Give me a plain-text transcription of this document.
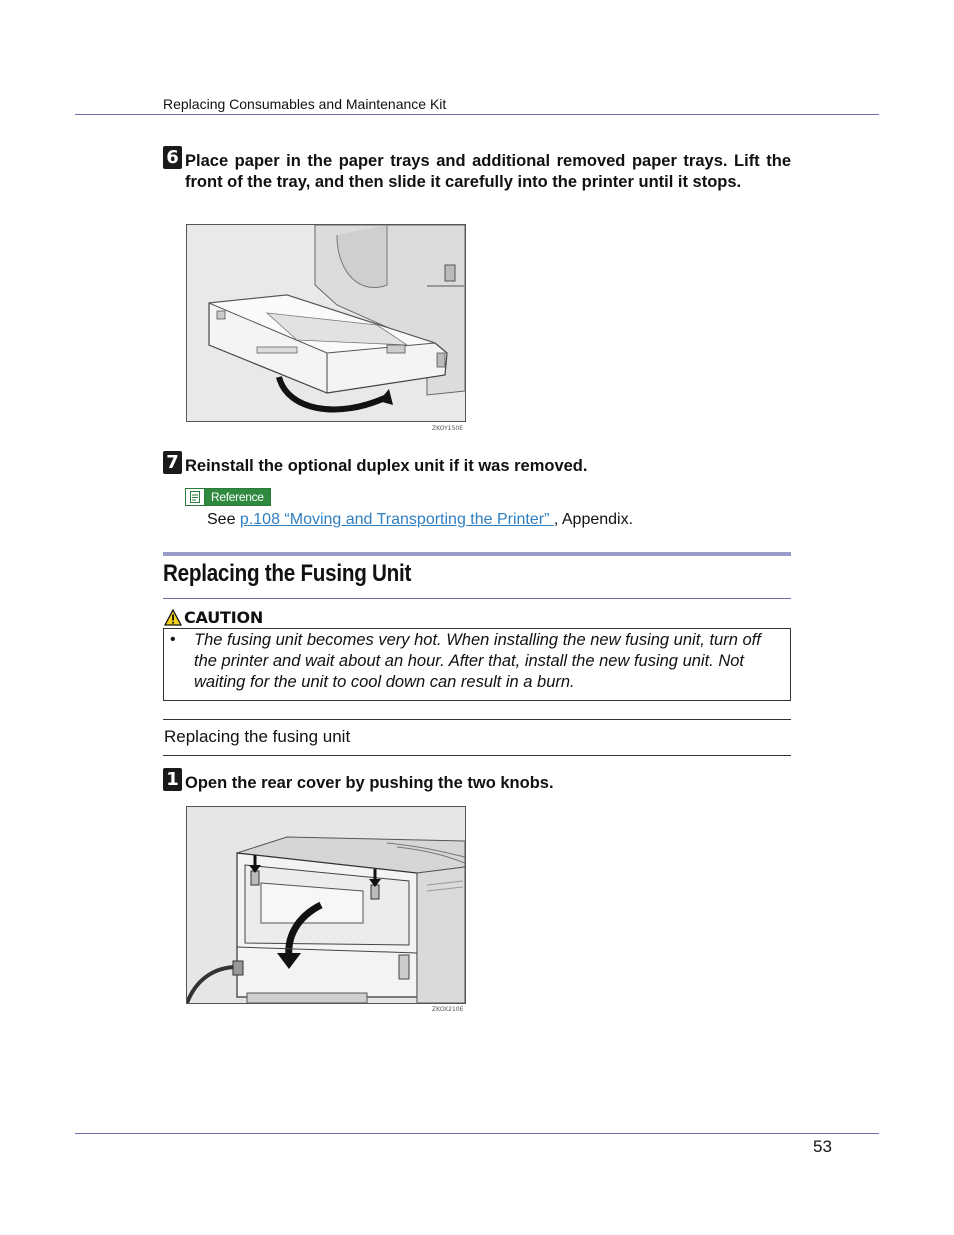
Replacing Consumables and Maintenance Kit
6 Place paper in the paper trays and additional removed paper trays. Lift the front of the tray, and then slide it carefully into the printer until it stops.
ZKOY150E
7 Reinstall the optional duplex unit if it was removed.
Reference
See p.108 “Moving and Transporting the Printer” , Appendix.
Replacing the Fusing Unit
CAUTION
• The fusing unit becomes very hot. When installing the new fusing unit, turn off the printer and wait about an hour. After that, install the new fusing unit. Not waiting for the unit to cool down can result in a burn.
Replacing the fusing unit
1 Open the rear cover by pushing the two knobs.
ZKOX210E
53
